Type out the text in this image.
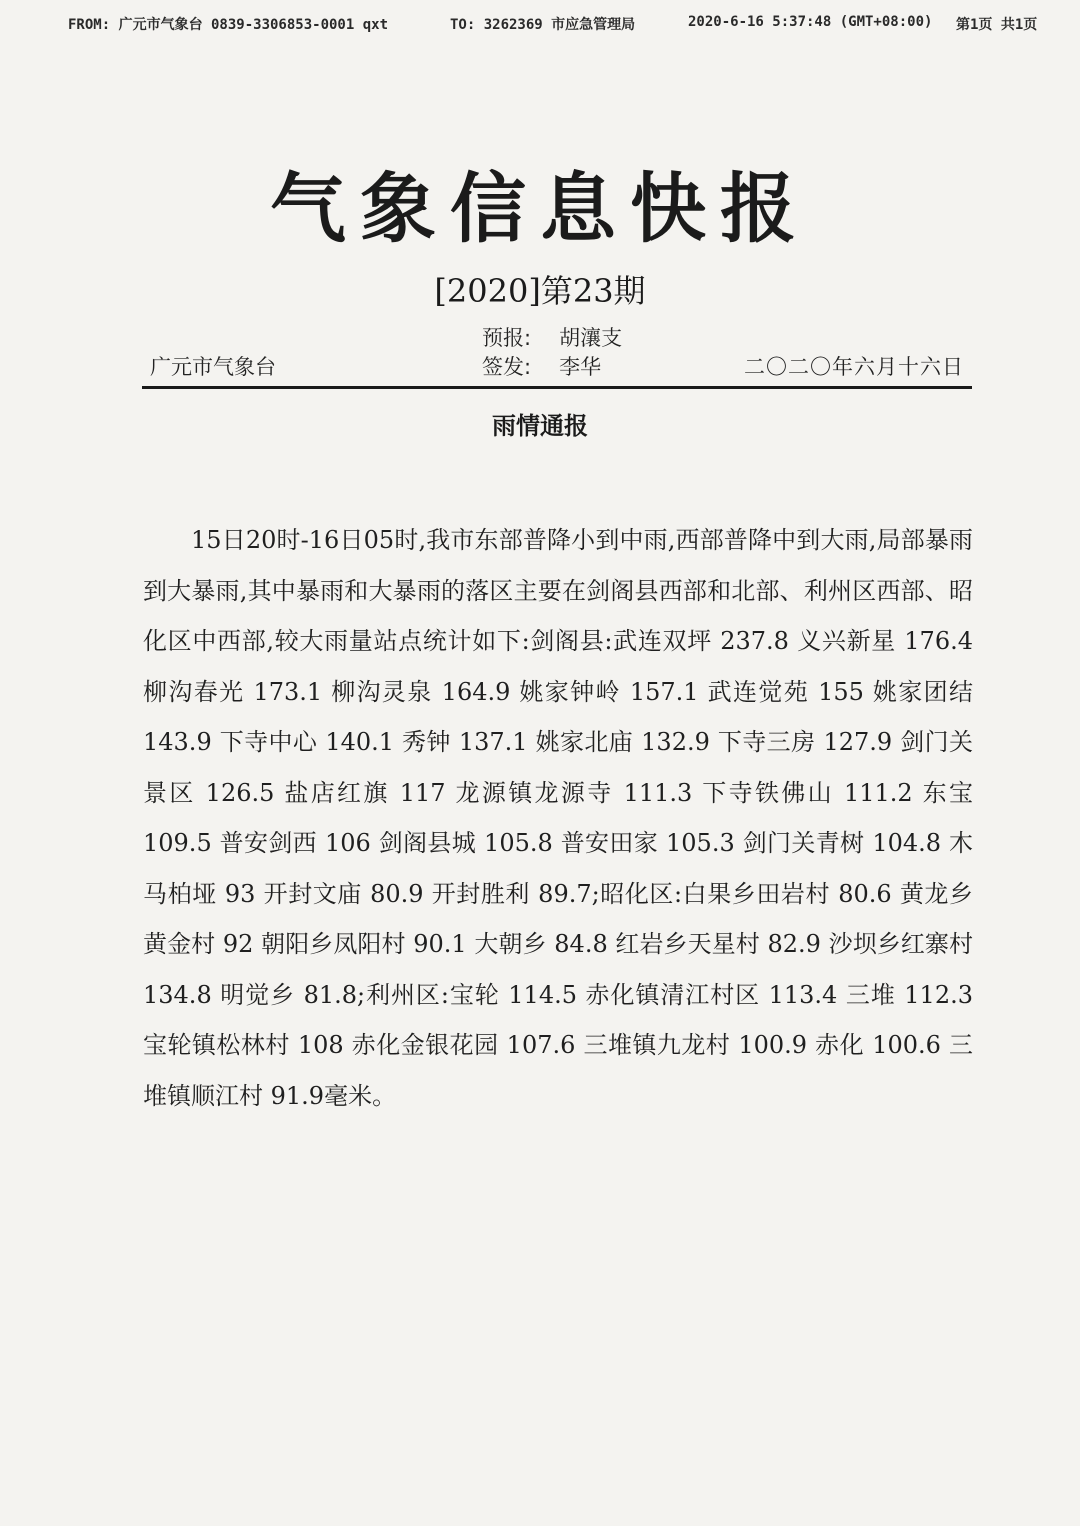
FROM: 广元市气象台 0839-3306853-0001 qxt	TO: 3262369 市应急管理局	2020-6-16 5:37:48 (GMT+08:00) 第1页 共1页
气象信息快报
[2020]第23期
预报: 胡瀼支
广元市气象台	签发: 李华	二〇二〇年六月十六日
雨情通报

15日20时-16日05时,我市东部普降小到中雨,西部普降中到大雨,局部暴雨到大暴雨,其中暴雨和大暴雨的落区主要在剑阁县西部和北部、利州区西部、昭化区中西部,较大雨量站点统计如下:剑阁县:武连双坪 237.8 义兴新星 176.4 柳沟春光 173.1 柳沟灵泉 164.9 姚家钟岭 157.1 武连觉苑 155 姚家团结 143.9 下寺中心 140.1 秀钟 137.1 姚家北庙 132.9 下寺三房 127.9 剑门关景区 126.5 盐店红旗 117 龙源镇龙源寺 111.3 下寺铁佛山 111.2 东宝 109.5 普安剑西 106 剑阁县城 105.8 普安田家 105.3 剑门关青树 104.8 木马柏垭 93 开封文庙 80.9 开封胜利 89.7;昭化区:白果乡田岩村 80.6 黄龙乡黄金村 92 朝阳乡凤阳村 90.1 大朝乡 84.8 红岩乡天星村 82.9 沙坝乡红寨村 134.8 明觉乡 81.8;利州区:宝轮 114.5 赤化镇清江村区 113.4 三堆 112.3 宝轮镇松林村 108 赤化金银花园 107.6 三堆镇九龙村 100.9 赤化 100.6 三堆镇顺江村 91.9毫米。
